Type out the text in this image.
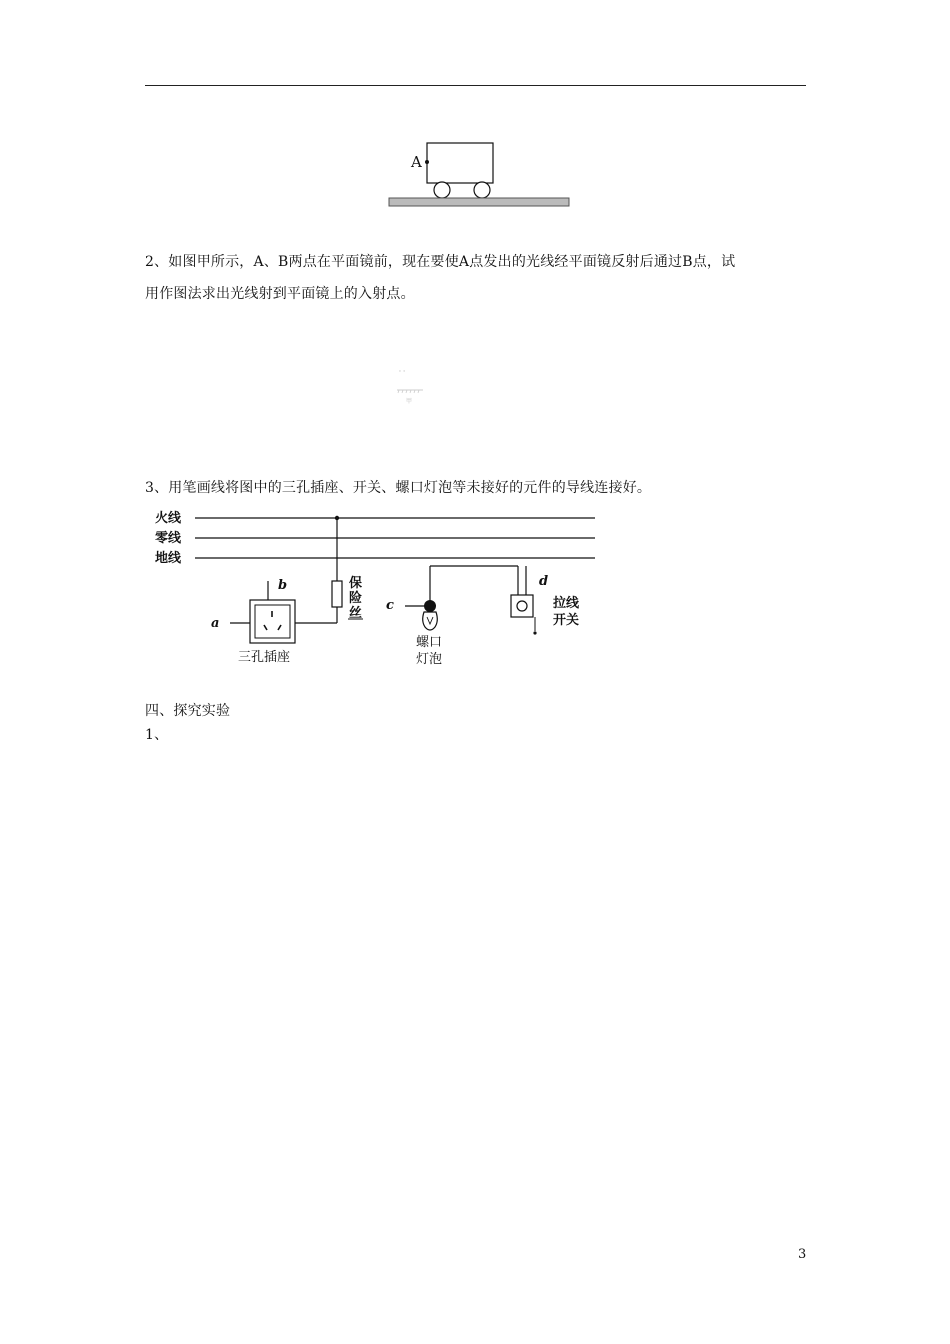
A
2、如图甲所示，A、B两点在平面镜前，现在要使A点发出的光线经平面镜反射后通过B点，试
用作图法求出光线射到平面镜上的入射点。
' '
甲
3、用笔画线将图中的三孔插座、开关、螺口灯泡等未接好的元件的导线连接好。
火线
零线
地线
保
险
丝
b
a
三孔插座
c
螺口
灯泡
d
拉线
开关
四、探究实验
1、
3
